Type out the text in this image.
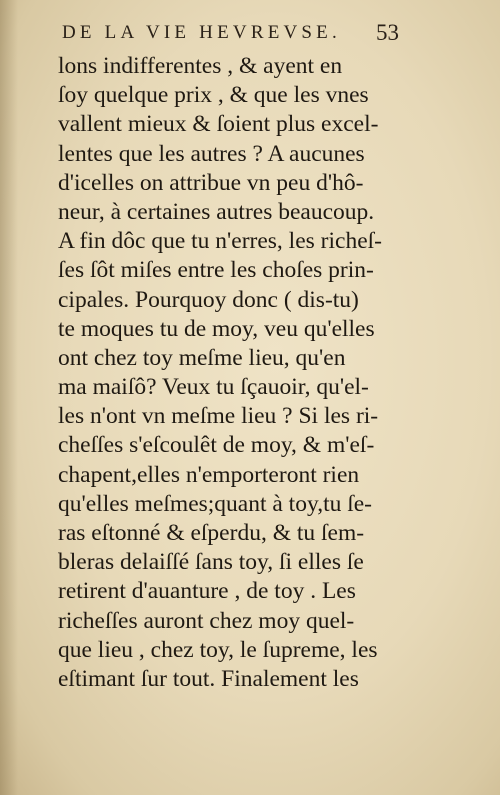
DE LA VIE HEVREVSE.	53
lons indifferentes , & ayent en
ſoy quelque prix , & que les vnes
vallent mieux & ſoient plus excel-
lentes que les autres ? A aucunes
d'icelles on attribue vn peu d'hô-
neur, à certaines autres beaucoup.
A fin dôc que tu n'erres, les richeſ-
ſes ſôt miſes entre les choſes prin-
cipales. Pourquoy donc ( dis-tu)
te moques tu de moy, veu qu'elles
ont chez toy meſme lieu, qu'en
ma maiſô? Veux tu ſçauoir, qu'el-
les n'ont vn meſme lieu ? Si les ri-
cheſſes s'eſcoulêt de moy, & m'eſ-
chapent,elles n'emporteront rien
qu'elles meſmes;quant à toy,tu ſe-
ras eſtonné & eſperdu, & tu ſem-
bleras delaiſſé ſans toy, ſi elles ſe
retirent d'auanture , de toy . Les
richeſſes auront chez moy quel-
que lieu , chez toy, le ſupreme, les
eſtimant ſur tout. Finalement les
